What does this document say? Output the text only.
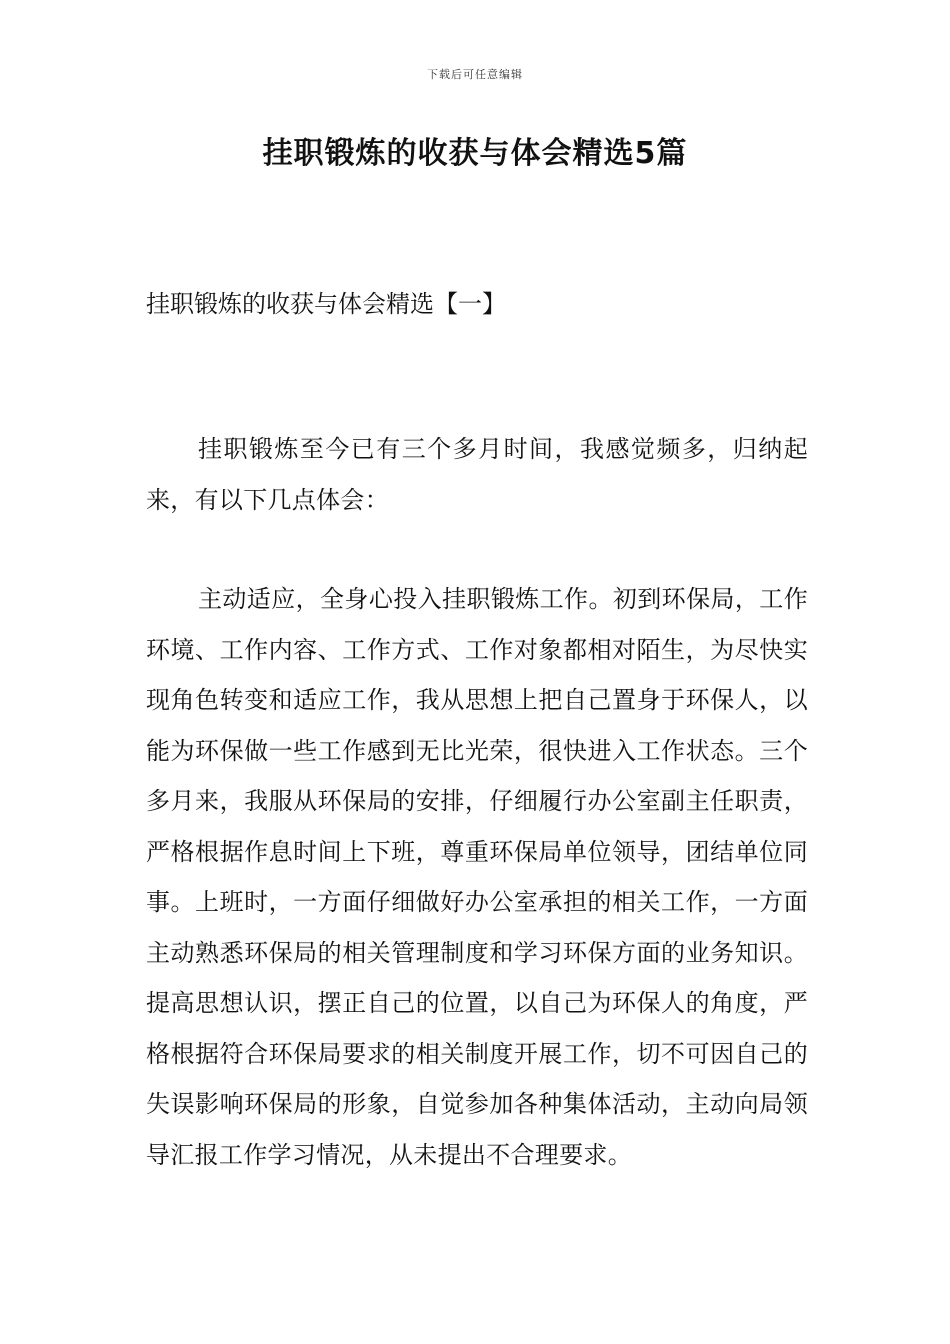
下载后可任意编辑
挂职锻炼的收获与体会精选5篇
挂职锻炼的收获与体会精选【一】

挂职锻炼至今已有三个多月时间，我感觉频多，归纳起来，有以下几点体会：

主动适应，全身心投入挂职锻炼工作。初到环保局，工作环境、工作内容、工作方式、工作对象都相对陌生，为尽快实现角色转变和适应工作，我从思想上把自己置身于环保人，以能为环保做一些工作感到无比光荣，很快进入工作状态。三个多月来，我服从环保局的安排，仔细履行办公室副主任职责，严格根据作息时间上下班，尊重环保局单位领导，团结单位同事。上班时，一方面仔细做好办公室承担的相关工作，一方面主动熟悉环保局的相关管理制度和学习环保方面的业务知识。提高思想认识，摆正自己的位置，以自己为环保人的角度，严格根据符合环保局要求的相关制度开展工作，切不可因自己的失误影响环保局的形象，自觉参加各种集体活动，主动向局领导汇报工作学习情况，从未提出不合理要求。
